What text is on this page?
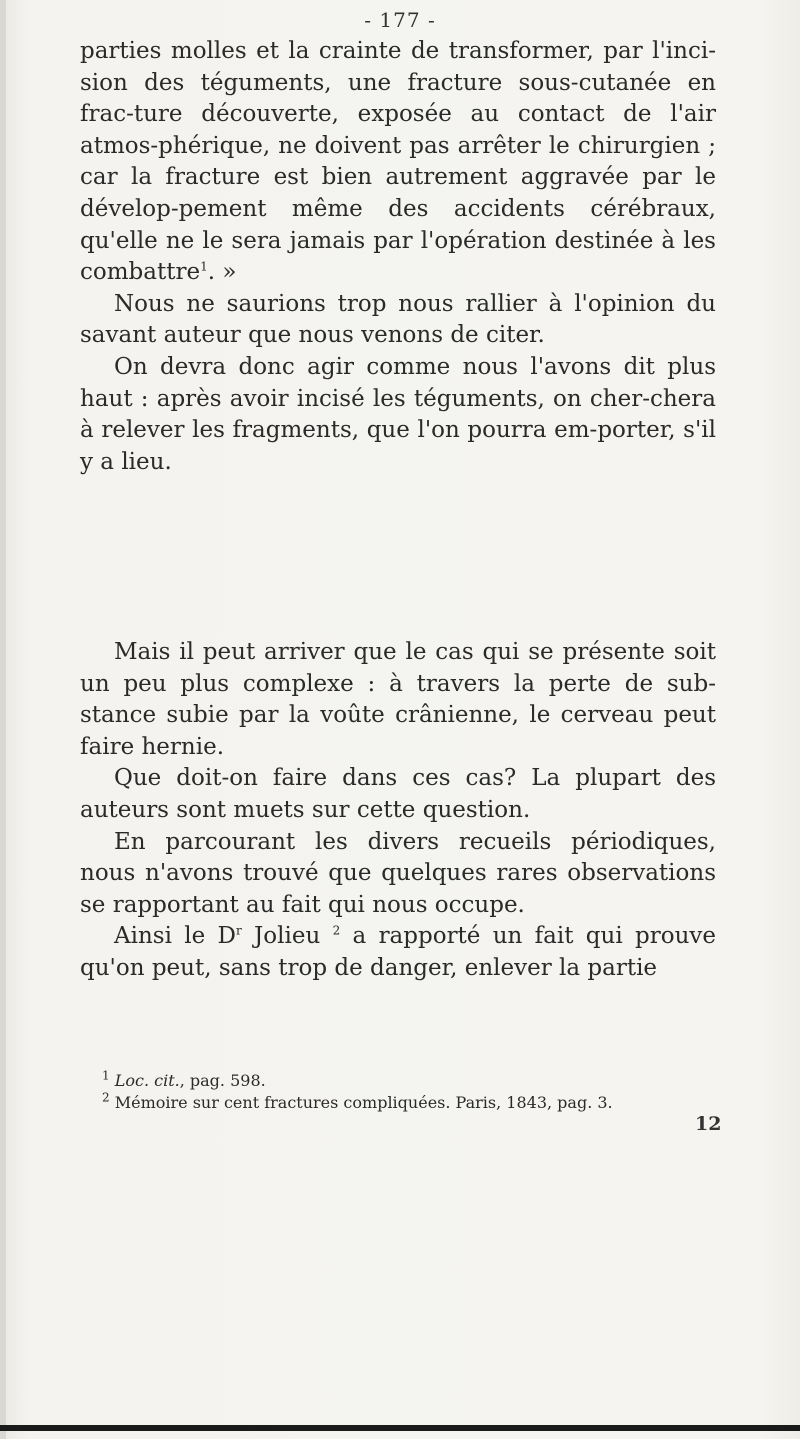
- 177 -

parties molles et la crainte de transformer, par l'inci-sion des téguments, une fracture sous-cutanée en frac-ture découverte, exposée au contact de l'air atmos-phérique, ne doivent pas arrêter le chirurgien ; car la fracture est bien autrement aggravée par le dévelop-pement même des accidents cérébraux, qu'elle ne le sera jamais par l'opération destinée à les combattre$^1$. »

Nous ne saurions trop nous rallier à l'opinion du savant auteur que nous venons de citer.

On devra donc agir comme nous l'avons dit plus haut : après avoir incisé les téguments, on cher-chera à relever les fragments, que l'on pourra em-porter, s'il y a lieu.

Mais il peut arriver que le cas qui se présente soit un peu plus complexe : à travers la perte de sub-stance subie par la voûte crânienne, le cerveau peut faire hernie.

Que doit-on faire dans ces cas? La plupart des auteurs sont muets sur cette question.

En parcourant les divers recueils périodiques, nous n'avons trouvé que quelques rares observations se rapportant au fait qui nous occupe.

Ainsi le $D^r$ Jolieu $^2$ a rapporté un fait qui prouve qu'on peut, sans trop de danger, enlever la partie

$^1$ Loc. cit., pag. 598.

$^2$ Mémoire sur cent fractures compliquées. Paris, 1843, pag. 3.

12
